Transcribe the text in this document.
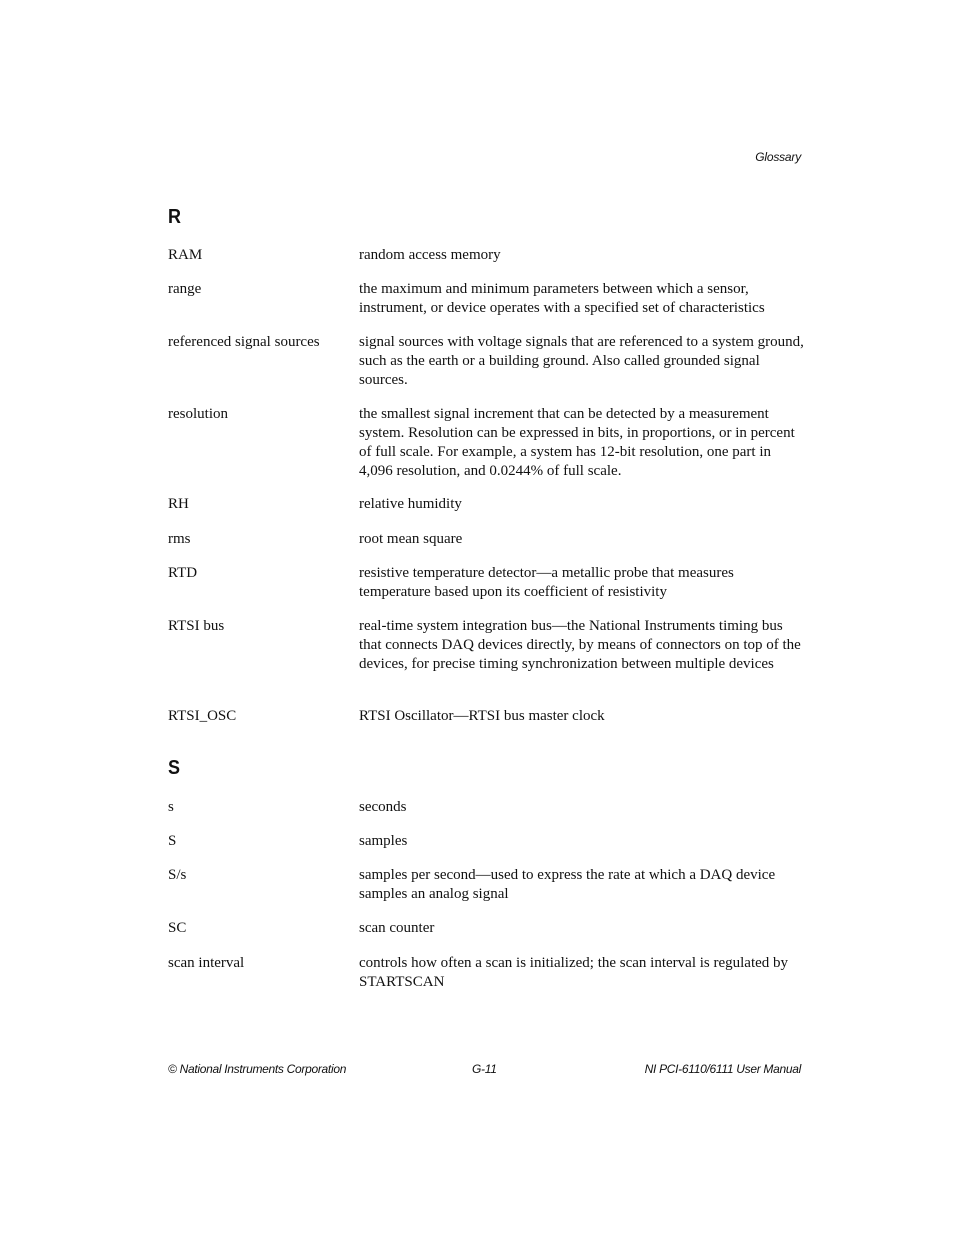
Glossary
R
RAM	random access memory
range	the maximum and minimum parameters between which a sensor, instrument, or device operates with a specified set of characteristics
referenced signal sources	signal sources with voltage signals that are referenced to a system ground, such as the earth or a building ground. Also called grounded signal sources.
resolution	the smallest signal increment that can be detected by a measurement system. Resolution can be expressed in bits, in proportions, or in percent of full scale. For example, a system has 12-bit resolution, one part in 4,096 resolution, and 0.0244% of full scale.
RH	relative humidity
rms	root mean square
RTD	resistive temperature detector—a metallic probe that measures temperature based upon its coefficient of resistivity
RTSI bus	real-time system integration bus—the National Instruments timing bus that connects DAQ devices directly, by means of connectors on top of the devices, for precise timing synchronization between multiple devices
RTSI_OSC	RTSI Oscillator—RTSI bus master clock
S
s	seconds
S	samples
S/s	samples per second—used to express the rate at which a DAQ device samples an analog signal
SC	scan counter
scan interval	controls how often a scan is initialized; the scan interval is regulated by STARTSCAN
© National Instruments Corporation	G-11	NI PCI-6110/6111 User Manual
